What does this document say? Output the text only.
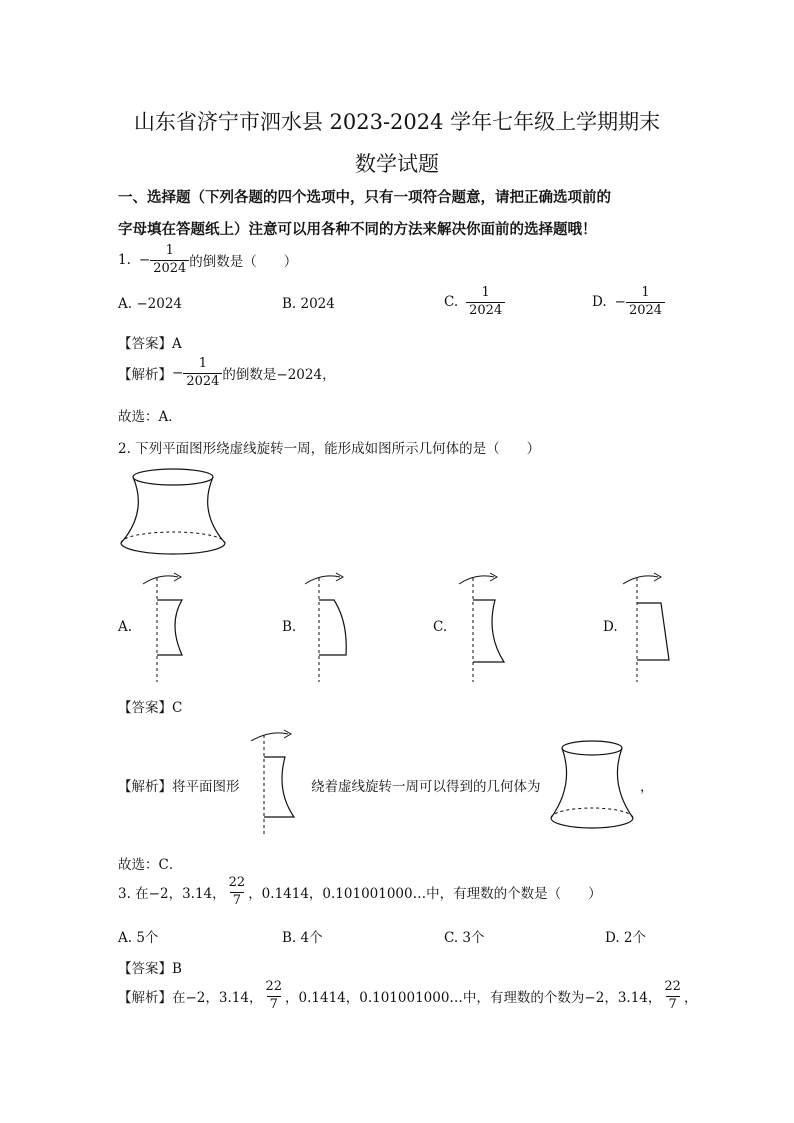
山东省济宁市泗水县 2023-2024 学年七年级上学期期末
数学试题
一、选择题（下列各题的四个选项中，只有一项符合题意，请把正确选项前的
字母填在答题纸上）注意可以用各种不同的方法来解决你面前的选择题哦！
1. − $\frac{1}{2024}$ 的倒数是（　　）
A. −2024	B. 2024	C. $\frac{1}{2024}$	D. − $\frac{1}{2024}$
【答案】A
【解析】 − $\frac{1}{2024}$ 的倒数是−2024，
故选：A．
2. 下列平面图形绕虚线旋转一周，能形成如图所示几何体的是（　　）
A.	B.	C.	D.
【答案】C
【解析】将平面图形	绕着虚线旋转一周可以得到的几何体为	，
故选：C．
3. 在−2，3.14， $\frac{22}{7}$ ，0.1414，0.101001000…中，有理数的个数是（　　）
A. 5个	B. 4个	C. 3个	D. 2个
【答案】B
【解析】在−2，3.14， $\frac{22}{7}$ ，0.1414，0.101001000…中，有理数的个数为−2，3.14， $\frac{22}{7}$ ，
